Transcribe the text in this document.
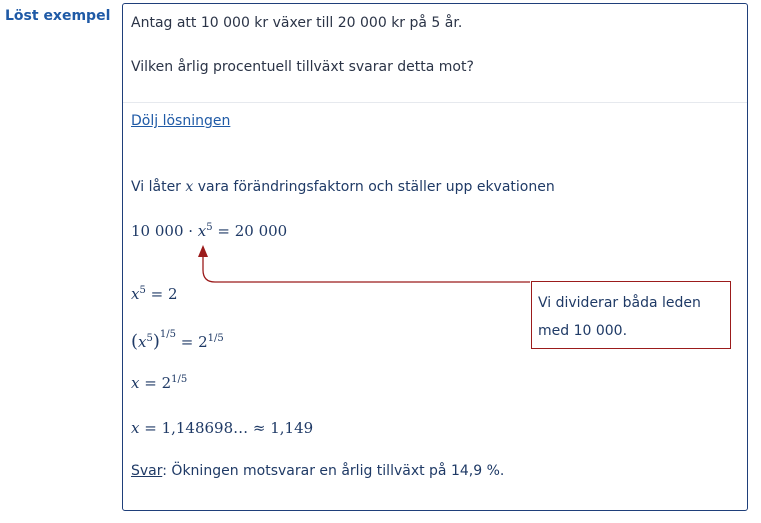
Löst exempel Antag att 10 000 kr växer till 20 000 kr på 5 år.
Vilken årlig procentuell tillväxt svarar detta mot?
Dölj lösningen
Vi låter x vara förändringsfaktorn och ställer upp ekvationen
10 $000 \cdot x^5 = 20$ 000
$x^5 = 2$
$(x^5)^{1/5} = 2^{1/5}$
$x = 2^{1/5}$
x = 1,148698… ≈ 1,149
Svar: Ökningen motsvarar en årlig tillväxt på 14,9 %.
Vi dividerar båda leden
med 10 000.
